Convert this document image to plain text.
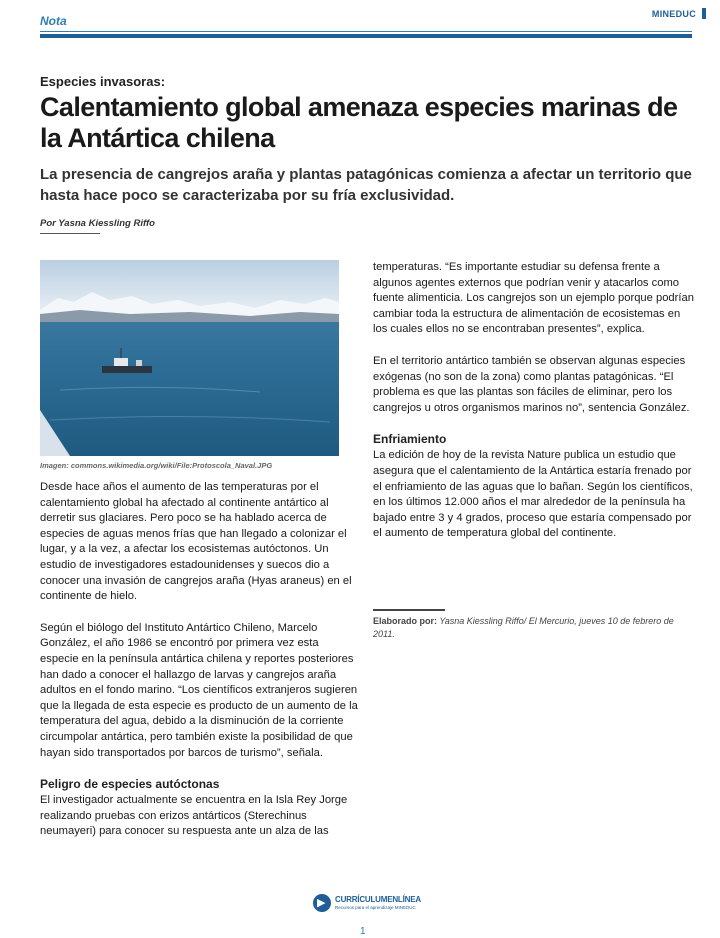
Nota	MINEDUC
Especies invasoras:
Calentamiento global amenaza especies marinas de la Antártica chilena
La presencia de cangrejos araña y plantas patagónicas comienza a afectar un territorio que hasta hace poco se caracterizaba por su fría exclusividad.
Por Yasna Kiessling Riffo
Imagen: commons.wikimedia.org/wiki/File:Protoscola_Naval.JPG

Desde hace años el aumento de las temperaturas por el calentamiento global ha afectado al continente antártico al derretir sus glaciares. Pero poco se ha hablado acerca de especies de aguas menos frías que han llegado a colonizar el lugar, y a la vez, a afectar los ecosistemas autóctonos. Un estudio de investigadores estadounidenses y suecos dio a conocer una invasión de cangrejos araña (Hyas araneus) en el continente de hielo.

Según el biólogo del Instituto Antártico Chileno, Marcelo González, el año 1986 se encontró por primera vez esta especie en la península antártica chilena y reportes posteriores han dado a conocer el hallazgo de larvas y cangrejos araña adultos en el fondo marino. “Los científicos extranjeros sugieren que la llegada de esta especie es producto de un aumento de la temperatura del agua, debido a la disminución de la corriente circumpolar antártica, pero también existe la posibilidad de que hayan sido transportados por barcos de turismo”, señala.

Peligro de especies autóctonas

El investigador actualmente se encuentra en la Isla Rey Jorge realizando pruebas con erizos antárticos (Sterechinus neumayeri) para conocer su respuesta ante un alza de las

temperaturas. “Es importante estudiar su defensa frente a algunos agentes externos que podrían venir y atacarlos como fuente alimenticia. Los cangrejos son un ejemplo porque podrían cambiar toda la estructura de alimentación de ecosistemas en los cuales ellos no se encontraban presentes”, explica.

En el territorio antártico también se observan algunas especies exógenas (no son de la zona) como plantas patagónicas. “El problema es que las plantas son fáciles de eliminar, pero los cangrejos u otros organismos marinos no”, sentencia González.

Enfriamiento

La edición de hoy de la revista Nature publica un estudio que asegura que el calentamiento de la Antártica estaría frenado por el enfriamiento de las aguas que lo bañan. Según los científicos, en los últimos 12.000 años el mar alrededor de la península ha bajado entre 3 y 4 grados, proceso que estaría compensado por el aumento de temperatura global del continente.

Elaborado por: Yasna Kiessling Riffo/ El Mercurio, jueves 10 de febrero de 2011.
▶ CURRÍCULUMENLÍNEA
Recursos para el aprendizaje MINEDUC
1
